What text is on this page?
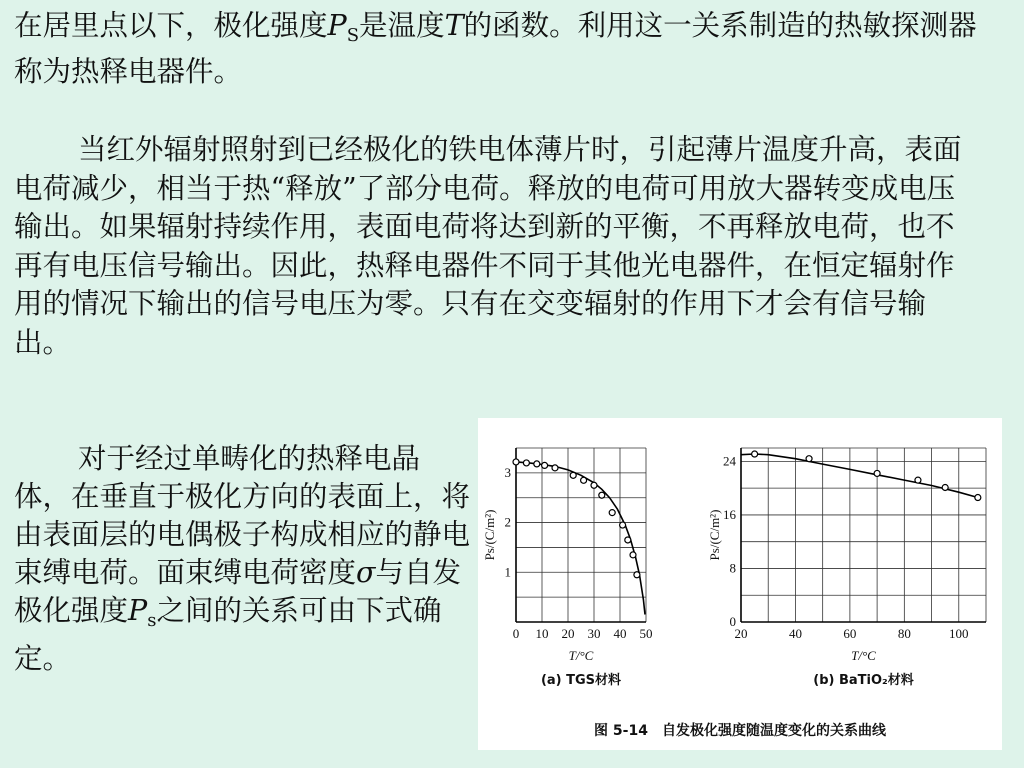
在居里点以下，极化强度$P_S$是温度T的函数。利用这一关系制造的热敏探测器称为热释电器件。
当红外辐射照射到已经极化的铁电体薄片时，引起薄片温度升高，表面电荷减少，相当于热“释放”了部分电荷。释放的电荷可用放大器转变成电压输出。如果辐射持续作用，表面电荷将达到新的平衡，不再释放电荷，也不再有电压信号输出。因此，热释电器件不同于其他光电器件，在恒定辐射作用的情况下输出的信号电压为零。只有在交变辐射的作用下才会有信号输出。
对于经过单畴化的热释电晶体，在垂直于极化方向的表面上，将由表面层的电偶极子构成相应的静电束缚电荷。面束缚电荷密度σ与自发极化强度$P_s$之间的关系可由下式确定。
0 10 20 30 40 50
1
2
3
T/°C
Ps/(C/m²)
(a) TGS材料
20	40	60	80	100
0
8
16
24
T/°C
Ps/(C/m²)
(b) BaTiO₂材料
图 5-14　自发极化强度随温度变化的关系曲线
